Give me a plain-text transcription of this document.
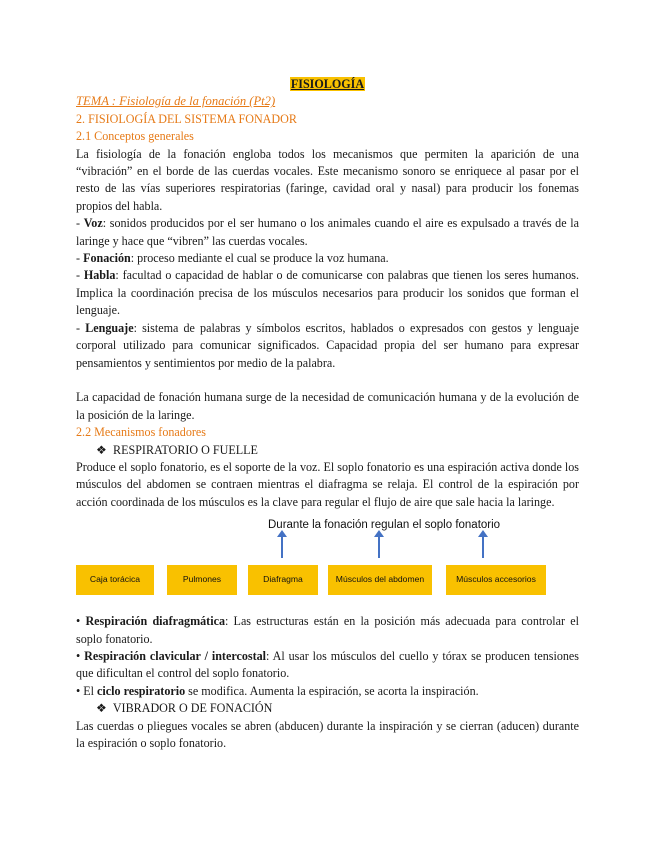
FISIOLOGÍA

TEMA : Fisiología de la fonación (Pt2)

2. FISIOLOGÍA DEL SISTEMA FONADOR

2.1 Conceptos generales

La fisiología de la fonación engloba todos los mecanismos que permiten la aparición de una “vibración” en el borde de las cuerdas vocales. Este mecanismo sonoro se enriquece al pasar por el resto de las vías superiores respiratorias (faringe, cavidad oral y nasal) para producir los fonemas propios del habla.

- Voz: sonidos producidos por el ser humano o los animales cuando el aire es expulsado a través de la laringe y hace que “vibren” las cuerdas vocales.

- Fonación: proceso mediante el cual se produce la voz humana.

- Habla: facultad o capacidad de hablar o de comunicarse con palabras que tienen los seres humanos. Implica la coordinación precisa de los músculos necesarios para producir los sonidos que forman el lenguaje.

- Lenguaje: sistema de palabras y símbolos escritos, hablados o expresados con gestos y lenguaje corporal utilizado para comunicar significados. Capacidad propia del ser humano para expresar pensamientos y sentimientos por medio de la palabra.

La capacidad de fonación humana surge de la necesidad de comunicación humana y de la evolución de la posición de la laringe.

2.2 Mecanismos fonadores

❖ RESPIRATORIO O FUELLE

Produce el soplo fonatorio, es el soporte de la voz. El soplo fonatorio es una espiración activa donde los músculos del abdomen se contraen mientras el diafragma se relaja. El control de la espiración por acción coordinada de los músculos es la clave para regular el flujo de aire que sale hacia la laringe.

Durante la fonación regulan el soplo fonatorio
Caja torácica	Pulmones	Diafragma	Músculos del abdomen	Músculos accesorios

• Respiración diafragmática: Las estructuras están en la posición más adecuada para controlar el soplo fonatorio.

• Respiración clavicular / intercostal: Al usar los músculos del cuello y tórax se producen tensiones que dificultan el control del soplo fonatorio.

• El ciclo respiratorio se modifica. Aumenta la espiración, se acorta la inspiración.

❖ VIBRADOR O DE FONACIÓN

Las cuerdas o pliegues vocales se abren (abducen) durante la inspiración y se cierran (aducen) durante la espiración o soplo fonatorio.
